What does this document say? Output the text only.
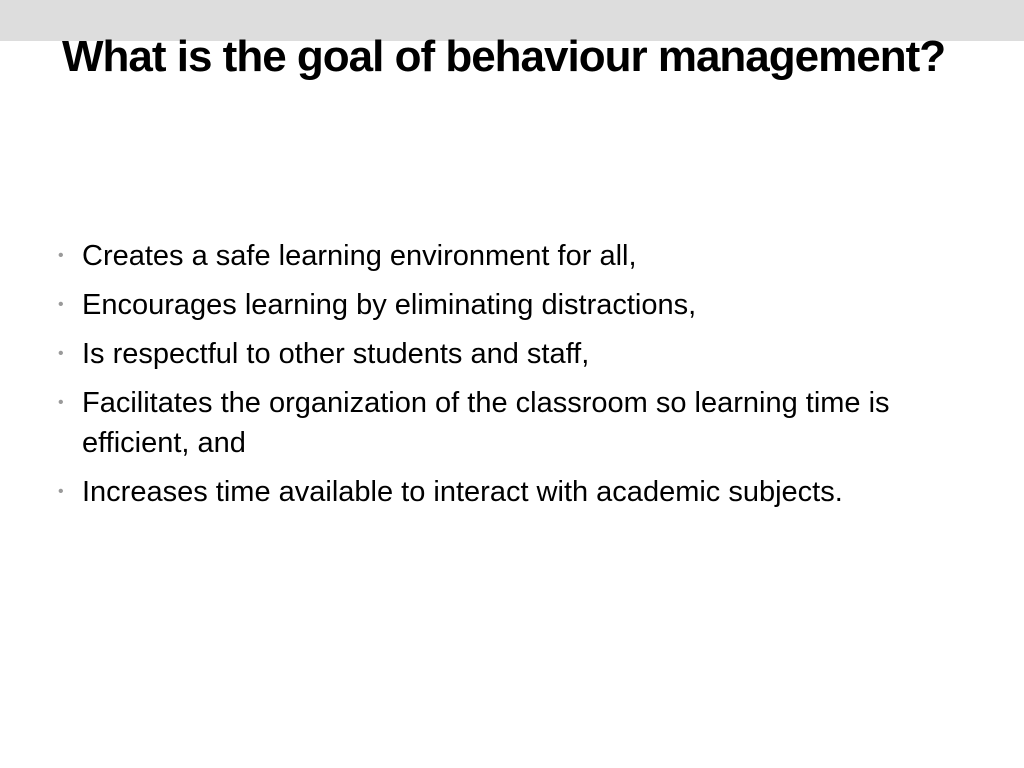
What is the goal of behaviour management?
• Creates a safe learning environment for all,
• Encourages learning by eliminating distractions,
• Is respectful to other students and staff,
• Facilitates the organization of the classroom so learning time is efficient, and
• Increases time available to interact with academic subjects.
